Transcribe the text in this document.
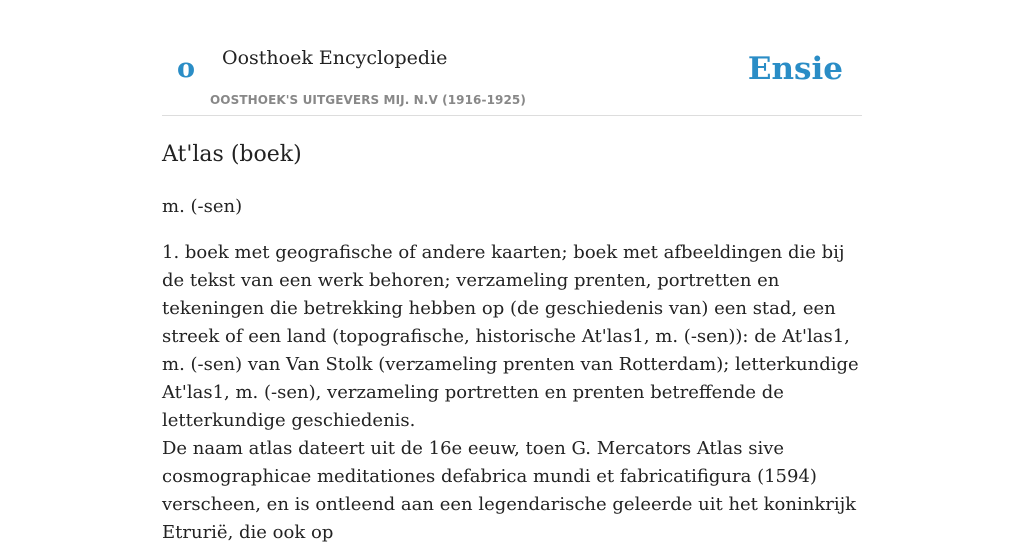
o Oosthoek Encyclopedie
OOSTHOEK'S UITGEVERS MIJ. N.V (1916-1925)
Ensie
At'las (boek)

m. (-sen)

1. boek met geografische of andere kaarten; boek met afbeeldingen die bij de tekst van een werk behoren; verzameling prenten, portretten en tekeningen die betrekking hebben op (de geschiedenis van) een stad, een streek of een land (topografische, historische At'las1, m. (-sen)): de At'las1, m. (-sen) van Van Stolk (verzameling prenten van Rotterdam); letterkundige At'las1, m. (-sen), verzameling portretten en prenten betreffende de letterkundige geschiedenis.

De naam atlas dateert uit de 16e eeuw, toen G. Mercators Atlas sive cosmographicae meditationes defabrica mundi et fabricatifigura (1594) verscheen, en is ontleend aan een legendarische geleerde uit het koninkrijk Etrurië, die ook op
